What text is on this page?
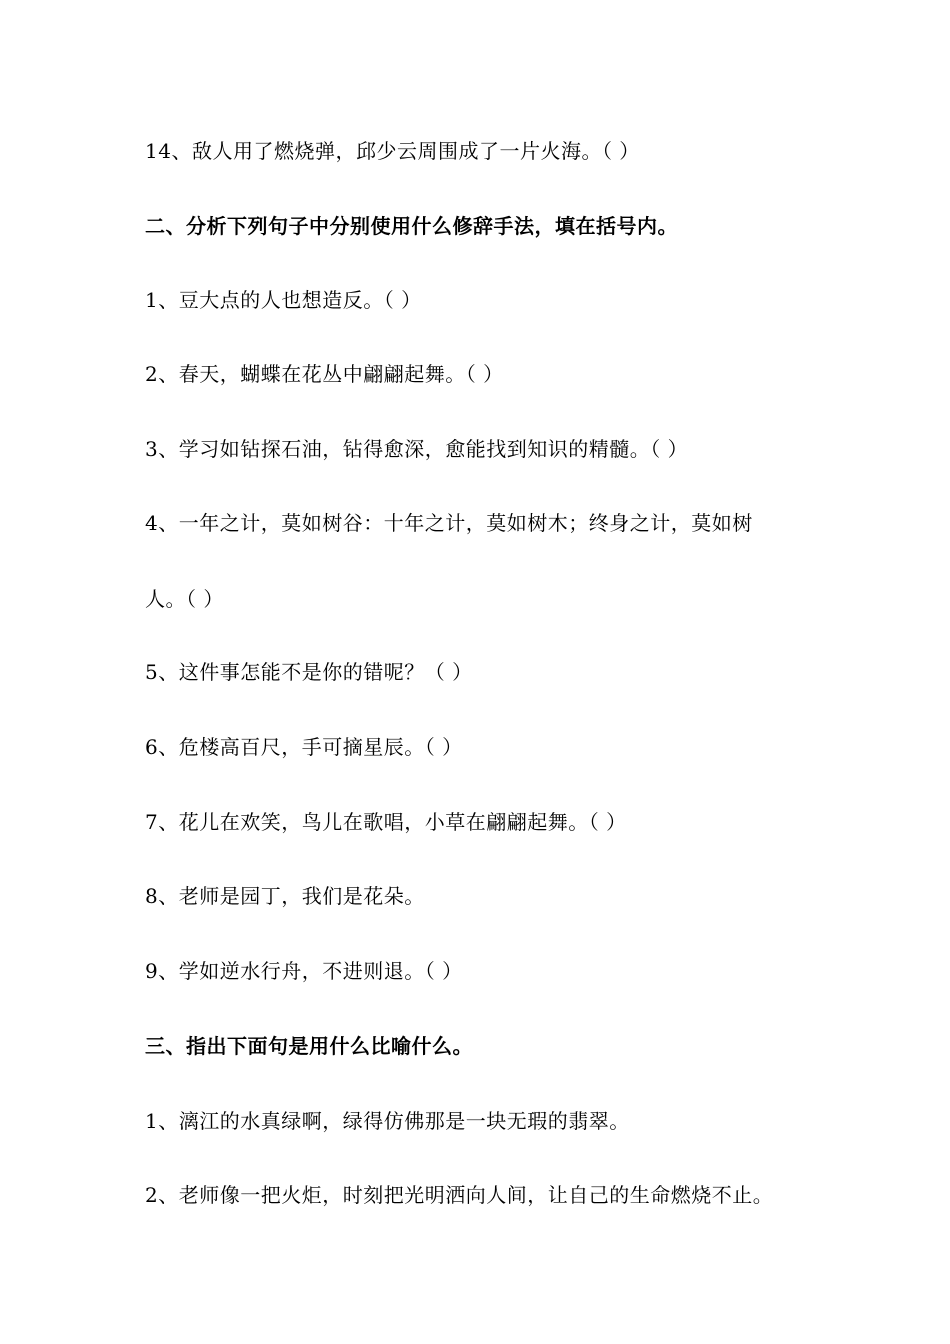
14、敌人用了燃烧弹，邱少云周围成了一片火海。（ ）
二、分析下列句子中分别使用什么修辞手法，填在括号内。
1、豆大点的人也想造反。（ ）
2、春天，蝴蝶在花丛中翩翩起舞。（ ）
3、学习如钻探石油，钻得愈深，愈能找到知识的精髓。（ ）
4、一年之计，莫如树谷：十年之计，莫如树木；终身之计，莫如树
人。（ ）
5、这件事怎能不是你的错呢？（ ）
6、危楼高百尺，手可摘星辰。（ ）
7、花儿在欢笑，鸟儿在歌唱，小草在翩翩起舞。（ ）
8、老师是园丁，我们是花朵。
9、学如逆水行舟，不进则退。（ ）
三、指出下面句是用什么比喻什么。
1、漓江的水真绿啊，绿得仿佛那是一块无瑕的翡翠。
2、老师像一把火炬，时刻把光明洒向人间，让自己的生命燃烧不止。
